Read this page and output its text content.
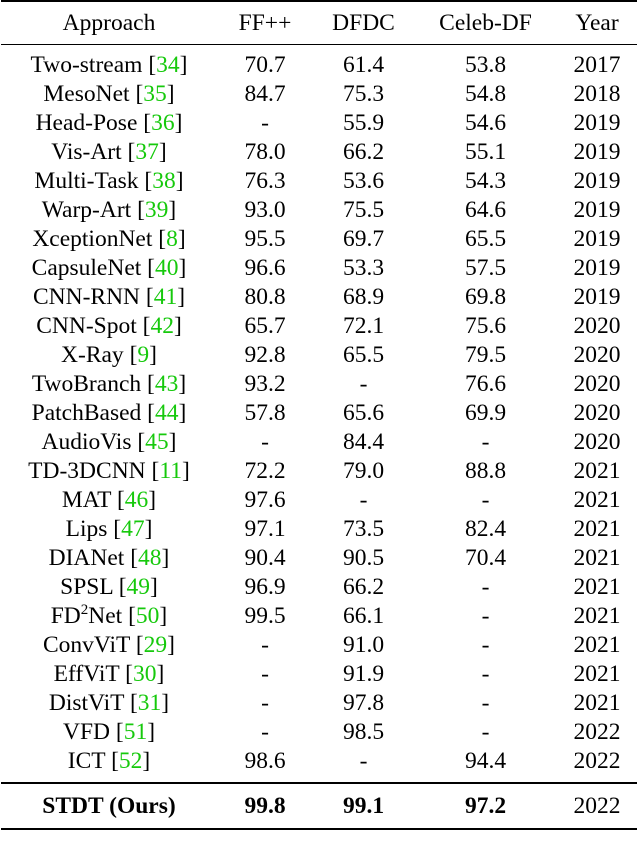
Approach	FF++	DFDC	Celeb-DF	Year
Two-stream [34]	70.7	61.4	53.8	2017
MesoNet [35]	84.7	75.3	54.8	2018
Head-Pose [36]	-	55.9	54.6	2019
Vis-Art [37]	78.0	66.2	55.1	2019
Multi-Task [38]	76.3	53.6	54.3	2019
Warp-Art [39]	93.0	75.5	64.6	2019
XceptionNet [8]	95.5	69.7	65.5	2019
CapsuleNet [40]	96.6	53.3	57.5	2019
CNN-RNN [41]	80.8	68.9	69.8	2019
CNN-Spot [42]	65.7	72.1	75.6	2020
X-Ray [9]	92.8	65.5	79.5	2020
TwoBranch [43]	93.2	-	76.6	2020
PatchBased [44]	57.8	65.6	69.9	2020
AudioVis [45]	-	84.4	-	2020
TD-3DCNN [11]	72.2	79.0	88.8	2021
MAT [46]	97.6	-	-	2021
Lips [47]	97.1	73.5	82.4	2021
DIANet [48]	90.4	90.5	70.4	2021
SPSL [49]	96.9	66.2	-	2021
$FD^2Net$ [50]	99.5	66.1	-	2021
ConvViT [29]	-	91.0	-	2021
EffViT [30]	-	91.9	-	2021
DistViT [31]	-	97.8	-	2021
VFD [51]	-	98.5	-	2022
ICT [52]	98.6	-	94.4	2022
STDT (Ours)	99.8	99.1	97.2	2022
